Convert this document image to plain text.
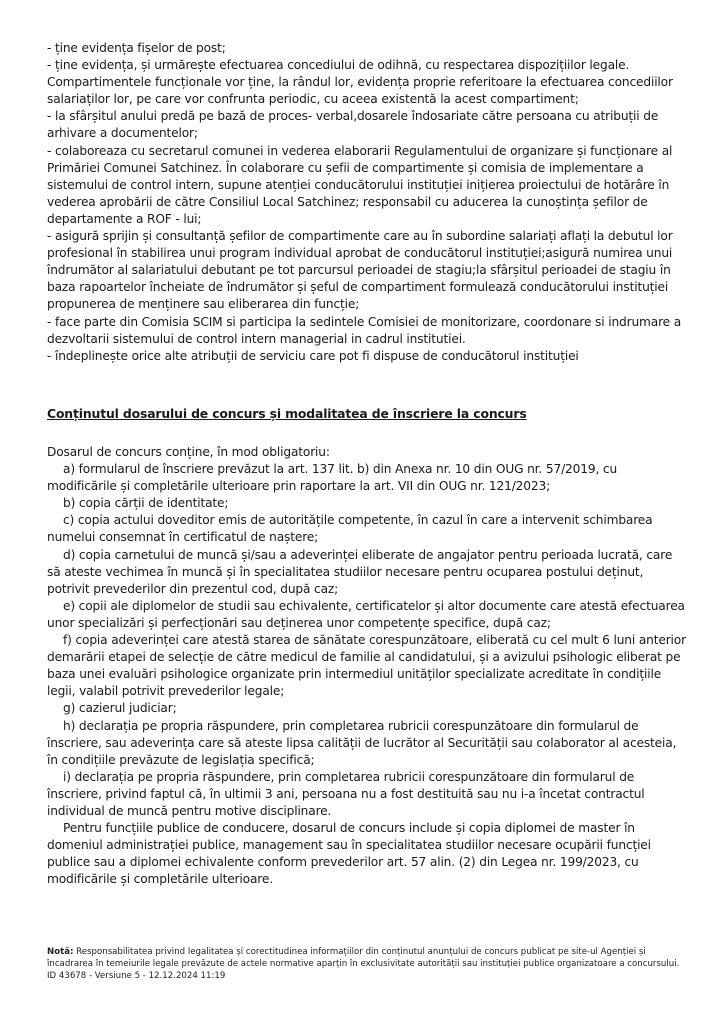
- ține evidența fișelor de post;

- ține evidența, și urmărește efectuarea concediului de odihnă, cu respectarea dispozițiilor legale. Compartimentele funcționale vor ține, la rândul lor, evidența proprie referitoare la efectuarea concediilor salariaților lor, pe care vor confrunta periodic, cu aceea existentă la acest compartiment;

- la sfârșitul anului predă pe bază de proces- verbal,dosarele îndosariate către persoana cu atribuții de arhivare a documentelor;

- colaboreaza cu secretarul comunei in vederea elaborarii Regulamentului de organizare și funcționare al Primăriei Comunei Satchinez. În colaborare cu șefii de compartimente și comisia de implementare a sistemului de control intern, supune atenției conducătorului instituției inițierea proiectului de hotărâre în vederea aprobării de către Consiliul Local Satchinez; responsabil cu aducerea la cunoștința șefilor de departamente a ROF - lui;

- asigură sprijin și consultanță șefilor de compartimente care au în subordine salariați aflați la debutul lor profesional în stabilirea unui program individual aprobat de conducătorul instituției;asigură numirea unui îndrumător al salariatului debutant pe tot parcursul perioadei de stagiu;la sfârșitul perioadei de stagiu în baza rapoartelor încheiate de îndrumător și șeful de compartiment formulează conducătorului instituției propunerea de menținere sau eliberarea din funcție;

- face parte din Comisia SCIM si participa la sedintele Comisiei de monitorizare, coordonare si indrumare a dezvoltarii sistemului de control intern managerial in cadrul institutiei.

- îndeplinește orice alte atribuții de serviciu care pot fi dispuse de conducătorul instituției

Conținutul dosarului de concurs și modalitatea de înscriere la concurs

Dosarul de concurs conține, în mod obligatoriu:

a) formularul de înscriere prevăzut la art. 137 lit. b) din Anexa nr. 10 din OUG nr. 57/2019, cu modificările și completările ulterioare prin raportare la art. VII din OUG nr. 121/2023;

b) copia cărții de identitate;

c) copia actului doveditor emis de autoritățile competente, în cazul în care a intervenit schimbarea numelui consemnat în certificatul de naștere;

d) copia carnetului de muncă și/sau a adeverinței eliberate de angajator pentru perioada lucrată, care să ateste vechimea în muncă și în specialitatea studiilor necesare pentru ocuparea postului deținut, potrivit prevederilor din prezentul cod, după caz;

e) copii ale diplomelor de studii sau echivalente, certificatelor și altor documente care atestă efectuarea unor specializări și perfecționări sau deținerea unor competențe specifice, după caz;

f) copia adeverinței care atestă starea de sănătate corespunzătoare, eliberată cu cel mult 6 luni anterior demarării etapei de selecție de către medicul de familie al candidatului, și a avizului psihologic eliberat pe baza unei evaluări psihologice organizate prin intermediul unităților specializate acreditate în condițiile legii, valabil potrivit prevederilor legale;

g) cazierul judiciar;

h) declarația pe propria răspundere, prin completarea rubricii corespunzătoare din formularul de înscriere, sau adeverința care să ateste lipsa calității de lucrător al Securității sau colaborator al acesteia, în condițiile prevăzute de legislația specifică;

i) declarația pe propria răspundere, prin completarea rubricii corespunzătoare din formularul de înscriere, privind faptul că, în ultimii 3 ani, persoana nu a fost destituită sau nu i-a încetat contractul individual de muncă pentru motive disciplinare.

Pentru funcțiile publice de conducere, dosarul de concurs include și copia diplomei de master în domeniul administrației publice, management sau în specialitatea studiilor necesare ocupării funcției publice sau a diplomei echivalente conform prevederilor art. 57 alin. (2) din Legea nr. 199/2023, cu modificările și completările ulterioare.

Notă: Responsabilitatea privind legalitatea și corectitudinea informațiilor din conținutul anunțului de concurs publicat pe site-ul Agenției și încadrarea în temeiurile legale prevăzute de actele normative aparțin în exclusivitate autorității sau instituției publice organizatoare a concursului.

ID 43678 - Versiune 5 - 12.12.2024 11:19
